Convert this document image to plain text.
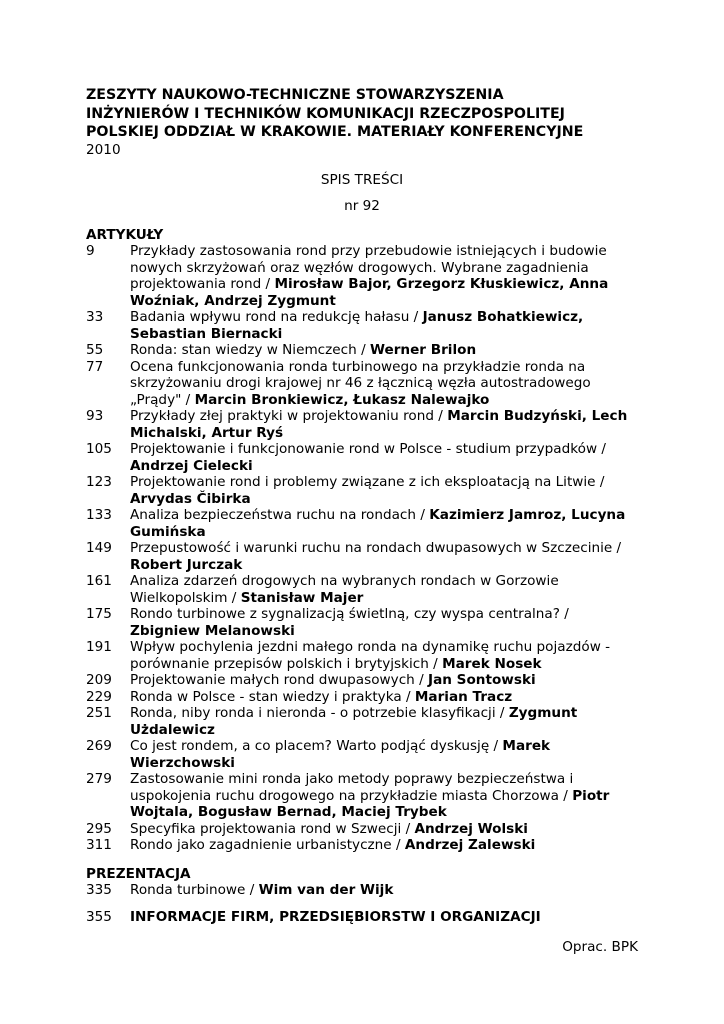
ZESZYTY NAUKOWO-TECHNICZNE STOWARZYSZENIA

INŻYNIERÓW I TECHNIKÓW KOMUNIKACJI RZECZPOSPOLITEJ

POLSKIEJ ODDZIAŁ W KRAKOWIE. MATERIAŁY KONFERENCYJNE

2010

SPIS TREŚCI

nr 92

ARTYKUŁY
9	Przykłady zastosowania rond przy przebudowie istniejących i budowie nowych skrzyżowań oraz węzłów drogowych. Wybrane zagadnienia projektowania rond / Mirosław Bajor, Grzegorz Kłuskiewicz, Anna Woźniak, Andrzej Zygmunt
33	Badania wpływu rond na redukcję hałasu / Janusz Bohatkiewicz, Sebastian Biernacki
55	Ronda: stan wiedzy w Niemczech / Werner Brilon
77	Ocena funkcjonowania ronda turbinowego na przykładzie ronda na skrzyżowaniu drogi krajowej nr 46 z łącznicą węzła autostradowego „Prądy" / Marcin Bronkiewicz, Łukasz Nalewajko
93	Przykłady złej praktyki w projektowaniu rond / Marcin Budzyński, Lech Michalski, Artur Ryś
105	Projektowanie i funkcjonowanie rond w Polsce - studium przypadków / Andrzej Cielecki
123	Projektowanie rond i problemy związane z ich eksploatacją na Litwie / Arvydas Čibirka
133	Analiza bezpieczeństwa ruchu na rondach / Kazimierz Jamroz, Lucyna Gumińska
149	Przepustowość i warunki ruchu na rondach dwupasowych w Szczecinie / Robert Jurczak
161	Analiza zdarzeń drogowych na wybranych rondach w Gorzowie Wielkopolskim / Stanisław Majer
175	Rondo turbinowe z sygnalizacją świetlną, czy wyspa centralna? / Zbigniew Melanowski
191	Wpływ pochylenia jezdni małego ronda na dynamikę ruchu pojazdów - porównanie przepisów polskich i brytyjskich / Marek Nosek
209	Projektowanie małych rond dwupasowych / Jan Sontowski
229	Ronda w Polsce - stan wiedzy i praktyka / Marian Tracz
251	Ronda, niby ronda i nieronda - o potrzebie klasyfikacji / Zygmunt Użdalewicz
269	Co jest rondem, a co placem? Warto podjąć dyskusję / Marek Wierzchowski
279	Zastosowanie mini ronda jako metody poprawy bezpieczeństwa i uspokojenia ruchu drogowego na przykładzie miasta Chorzowa / Piotr Wojtala, Bogusław Bernad, Maciej Trybek
295	Specyfika projektowania rond w Szwecji / Andrzej Wolski
311	Rondo jako zagadnienie urbanistyczne / Andrzej Zalewski
PREZENTACJA
335	Ronda turbinowe / Wim van der Wijk
355	INFORMACJE FIRM, PRZEDSIĘBIORSTW I ORGANIZACJI
Oprac. BPK
